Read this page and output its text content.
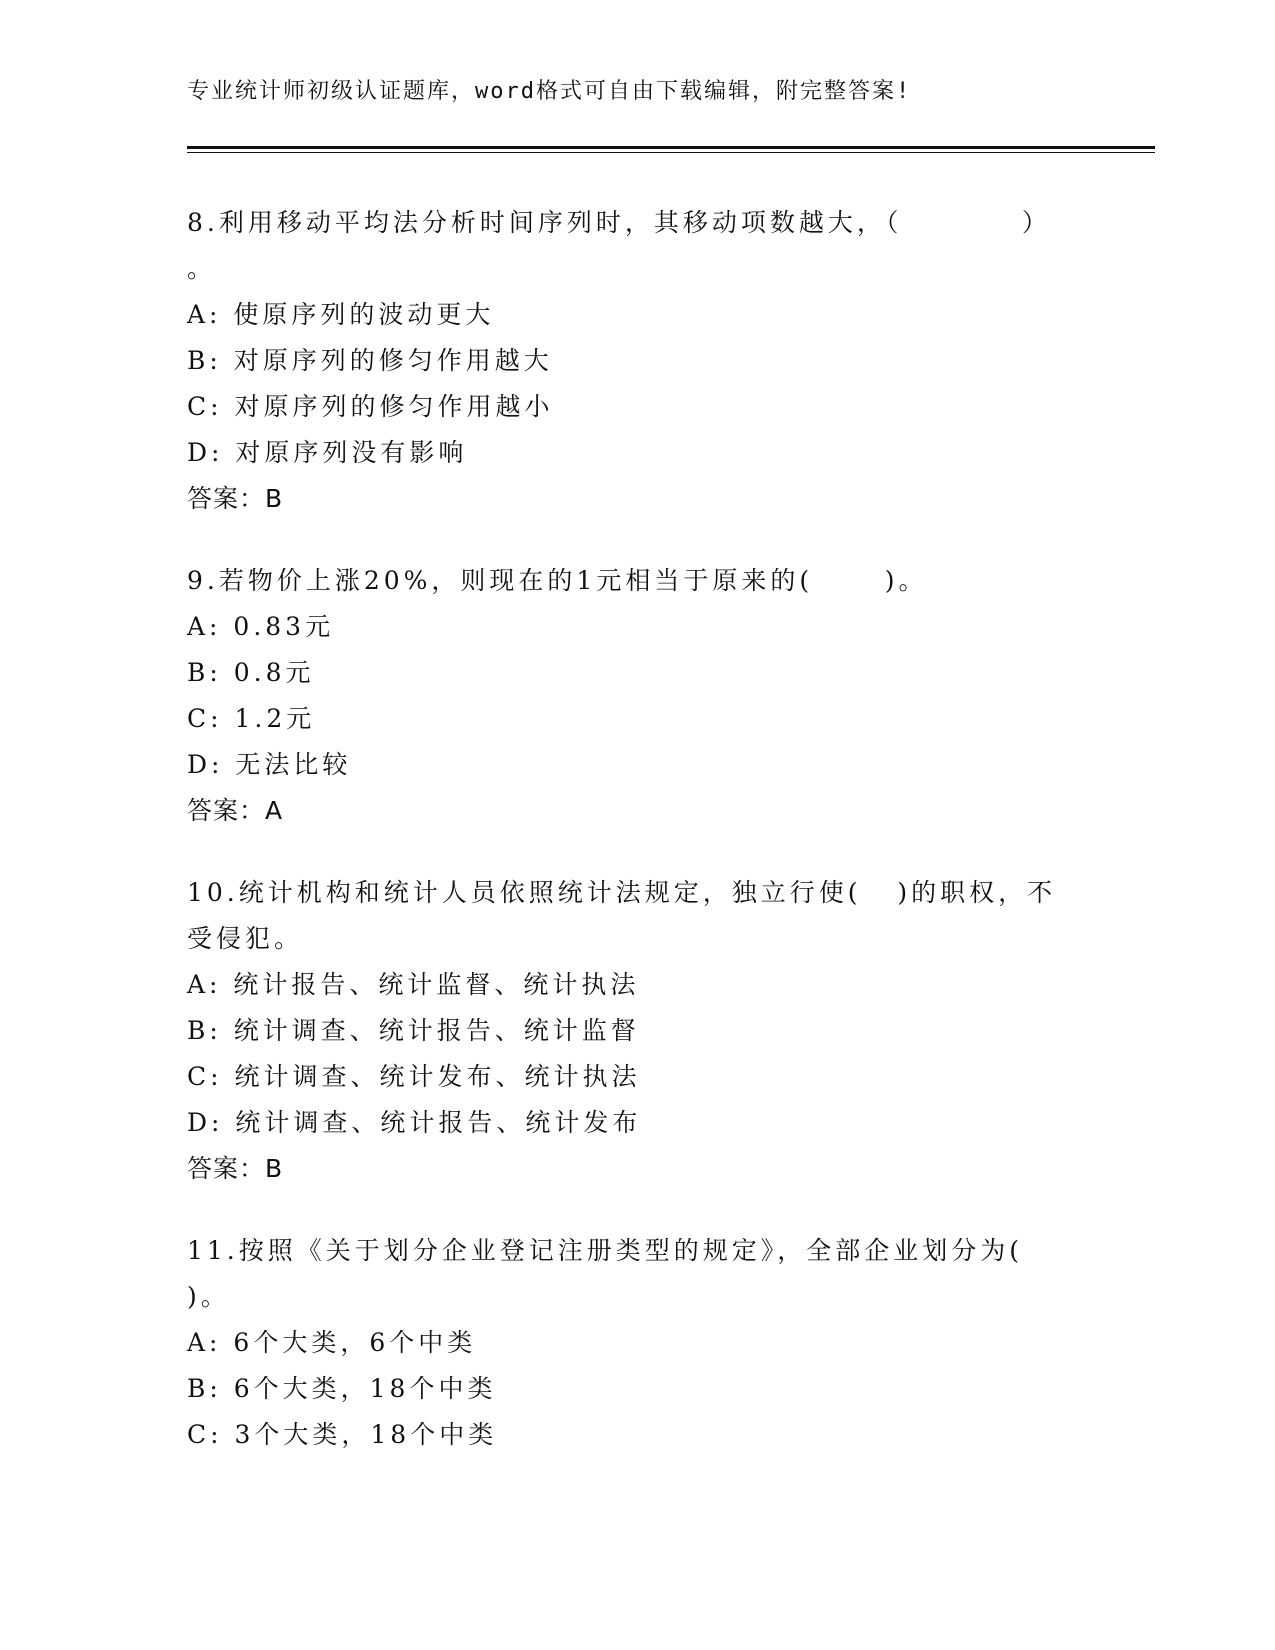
专业统计师初级认证题库，word格式可自由下载编辑，附完整答案!
8.利用移动平均法分析时间序列时，其移动项数越大，（          ）
。
A: 使原序列的波动更大
B: 对原序列的修匀作用越大
C: 对原序列的修匀作用越小
D: 对原序列没有影响
答案：B
9.若物价上涨20%，则现在的1元相当于原来的(      )。
A: 0.83元
B: 0.8元
C: 1.2元
D: 无法比较
答案：A
10.统计机构和统计人员依照统计法规定，独立行使(   )的职权，不
受侵犯。
A: 统计报告、统计监督、统计执法
B: 统计调查、统计报告、统计监督
C: 统计调查、统计发布、统计执法
D: 统计调查、统计报告、统计发布
答案：B
11.按照《关于划分企业登记注册类型的规定》，全部企业划分为(
)。
A: 6个大类，6个中类
B: 6个大类，18个中类
C: 3个大类，18个中类
